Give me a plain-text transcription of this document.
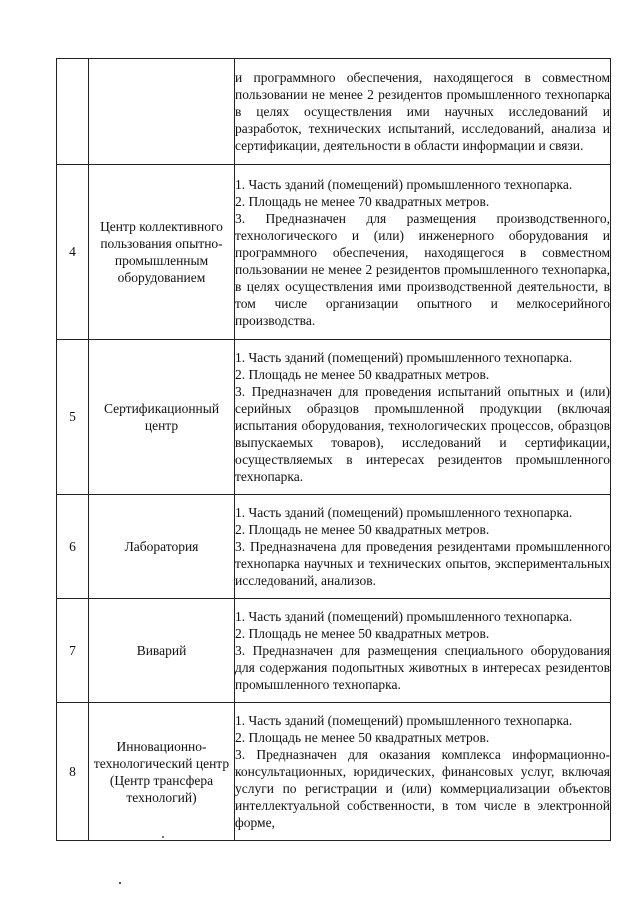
		и программного обеспечения, находящегося в совместном пользовании не менее 2 резидентов промышленного технопарка в целях осуществления ими научных исследований и разработок, технических испытаний, исследований, анализа и сертификации, деятельности в области информации и связи.

4	Центр коллективного пользования опытно-промышленным оборудованием	1. Часть зданий (помещений) промышленного технопарка.

2. Площадь не менее 70 квадратных метров.

3. Предназначен для размещения производственного, технологического и (или) инженерного оборудования и программного обеспечения, находящегося в совместном пользовании не менее 2 резидентов промышленного технопарка, в целях осуществления ими производственной деятельности, в том числе организации опытного и мелкосерийного производства.

5	Сертификационный центр	1. Часть зданий (помещений) промышленного технопарка.

2. Площадь не менее 50 квадратных метров.

3. Предназначен для проведения испытаний опытных и (или) серийных образцов промышленной продукции (включая испытания оборудования, технологических процессов, образцов выпускаемых товаров), исследований и сертификации, осуществляемых в интересах резидентов промышленного технопарка.

6	Лаборатория	1. Часть зданий (помещений) промышленного технопарка.

2. Площадь не менее 50 квадратных метров.

3. Предназначена для проведения резидентами промышленного технопарка научных и технических опытов, экспериментальных исследований, анализов.

7	Виварий	1. Часть зданий (помещений) промышленного технопарка.

2. Площадь не менее 50 квадратных метров.

3. Предназначен для размещения специального оборудования для содержания подопытных животных в интересах резидентов промышленного технопарка.

8	Инновационно-технологический центр (Центр трансфера технологий)	1. Часть зданий (помещений) промышленного технопарка.

2. Площадь не менее 50 квадратных метров.

3. Предназначен для оказания комплекса информационно-консультационных, юридических, финансовых услуг, включая услуги по регистрации и (или) коммерциализации объектов интеллектуальной собственности, в том числе в электронной форме,
